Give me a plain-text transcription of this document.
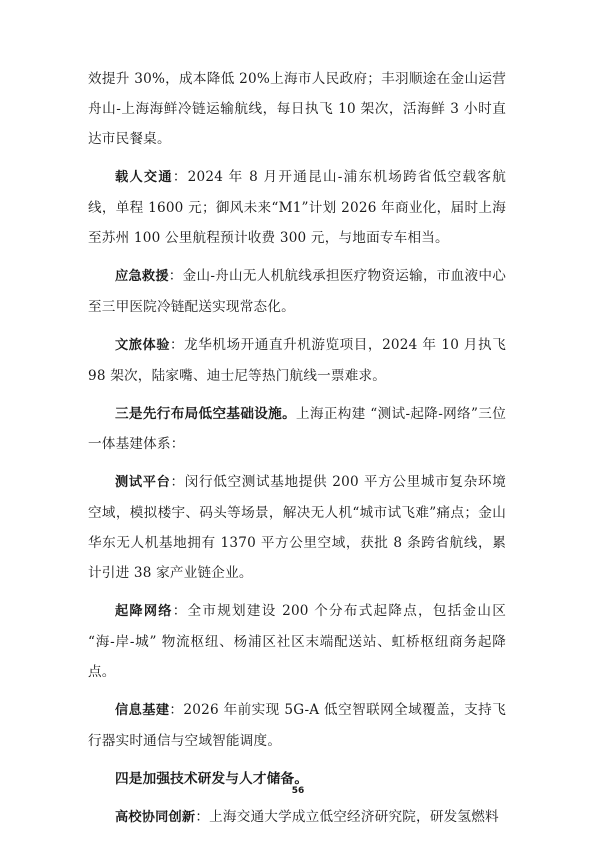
效提升 30%，成本降低 20%上海市人民政府；丰羽顺途在金山运营舟山-上海海鲜冷链运输航线，每日执飞 10 架次，活海鲜 3 小时直达市民餐桌。

载人交通：2024 年 8 月开通昆山-浦东机场跨省低空载客航线，单程 1600 元；御风未来“M1”计划 2026 年商业化，届时上海至苏州 100 公里航程预计收费 300 元，与地面专车相当。

应急救援：金山-舟山无人机航线承担医疗物资运输，市血液中心至三甲医院冷链配送实现常态化。

文旅体验：龙华机场开通直升机游览项目，2024 年 10 月执飞 98 架次，陆家嘴、迪士尼等热门航线一票难求。

三是先行布局低空基础设施。上海正构建 “测试-起降-网络”三位一体基建体系：

测试平台：闵行低空测试基地提供 200 平方公里城市复杂环境空域，模拟楼宇、码头等场景，解决无人机“城市试飞难”痛点；金山华东无人机基地拥有 1370 平方公里空域，获批 8 条跨省航线，累计引进 38 家产业链企业。

起降网络：全市规划建设 200 个分布式起降点，包括金山区 “海-岸-城” 物流枢纽、杨浦区社区末端配送站、虹桥枢纽商务起降点。

信息基建：2026 年前实现 5G-A 低空智联网全域覆盖，支持飞行器实时通信与空域智能调度。

四是加强技术研发与人才储备。

高校协同创新：上海交通大学成立低空经济研究院，研发氢燃料

56
